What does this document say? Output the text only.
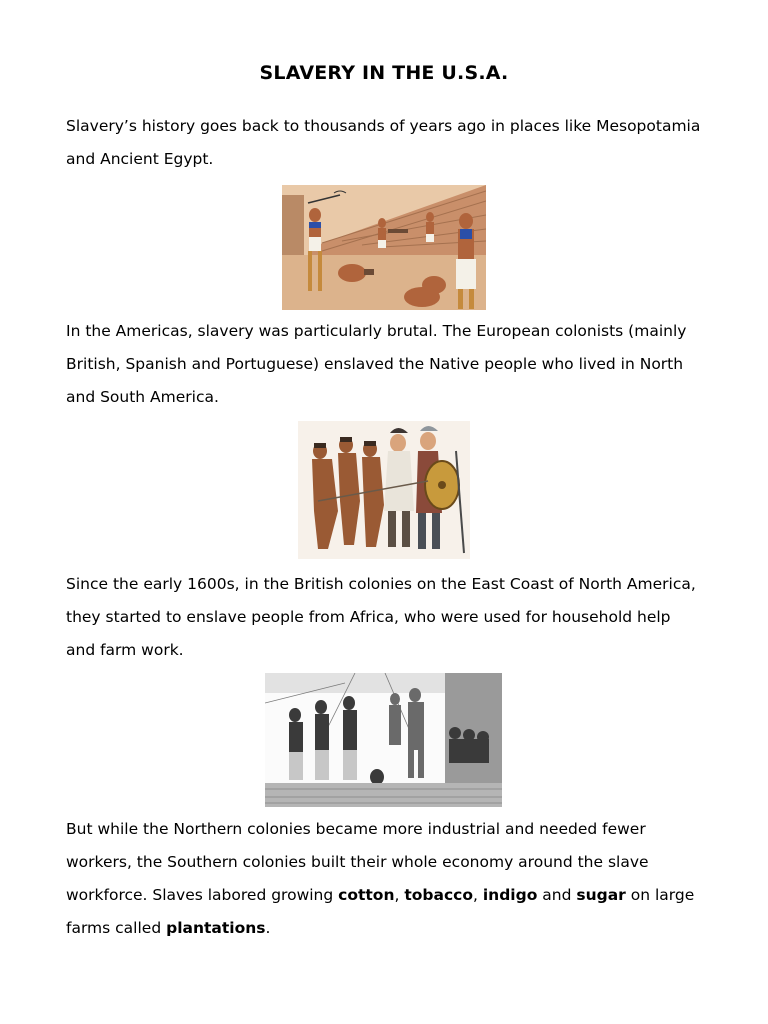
SLAVERY IN THE U.S.A.

Slavery’s history goes back to thousands of years ago in places like Mesopotamia
and Ancient Egypt.

In the Americas, slavery was particularly brutal. The European colonists (mainly
British, Spanish and Portuguese) enslaved the Native people who lived in North
and South America.

Since the early 1600s, in the British colonies on the East Coast of North America,
they started to enslave people from Africa, who were used for household help
and farm work.

But while the Northern colonies became more industrial and needed fewer
workers, the Southern colonies built their whole economy around the slave
workforce. Slaves labored growing cotton, tobacco, indigo and sugar on large
farms called plantations.
